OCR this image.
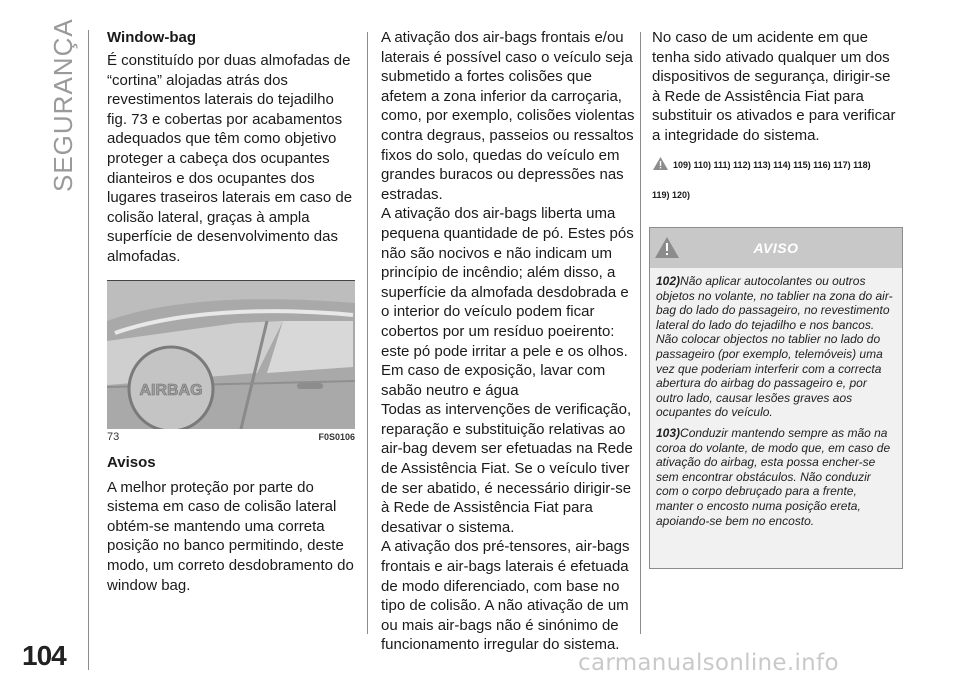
SEGURANÇA
104
Window-bag

É constituído por duas almofadas de “cortina” alojadas atrás dos revestimentos laterais do tejadilho fig. 73 e cobertas por acabamentos adequados que têm como objetivo proteger a cabeça dos ocupantes dianteiros e dos ocupantes dos lugares traseiros laterais em caso de colisão lateral, graças à ampla superfície de desenvolvimento das almofadas.

AIRBAG
73	F0S0106
Avisos

A melhor proteção por parte do sistema em caso de colisão lateral obtém-se mantendo uma correta posição no banco permitindo, deste modo, um correto desdobramento do window bag.

A ativação dos air-bags frontais e/ou laterais é possível caso o veículo seja submetido a fortes colisões que afetem a zona inferior da carroçaria, como, por exemplo, colisões violentas contra degraus, passeios ou ressaltos fixos do solo, quedas do veículo em grandes buracos ou depressões nas estradas.

A ativação dos air-bags liberta uma pequena quantidade de pó. Estes pós não são nocivos e não indicam um princípio de incêndio; além disso, a superfície da almofada desdobrada e o interior do veículo podem ficar cobertos por um resíduo poeirento: este pó pode irritar a pele e os olhos. Em caso de exposição, lavar com sabão neutro e água

Todas as intervenções de verificação, reparação e substituição relativas ao air-bag devem ser efetuadas na Rede de Assistência Fiat. Se o veículo tiver de ser abatido, é necessário dirigir-se à Rede de Assistência Fiat para desativar o sistema.

A ativação dos pré-tensores, air-bags frontais e air-bags laterais é efetuada de modo diferenciado, com base no tipo de colisão. A não ativação de um ou mais air-bags não é sinónimo de funcionamento irregular do sistema.

No caso de um acidente em que tenha sido ativado qualquer um dos dispositivos de segurança, dirigir-se à Rede de Assistência Fiat para substituir os ativados e para verificar a integridade do sistema.

109) 110) 111) 112) 113) 114) 115) 116) 117) 118)
119) 120)
AVISO
102)Não aplicar autocolantes ou outros objetos no volante, no tablier na zona do air-bag do lado do passageiro, no revestimento lateral do lado do tejadilho e nos bancos. Não colocar objectos no tablier no lado do passageiro (por exemplo, telemóveis) uma vez que poderiam interferir com a correcta abertura do airbag do passageiro e, por outro lado, causar lesões graves aos ocupantes do veículo.
103)Conduzir mantendo sempre as mão na coroa do volante, de modo que, em caso de ativação do airbag, esta possa encher-se sem encontrar obstáculos. Não conduzir com o corpo debruçado para a frente, manter o encosto numa posição ereta, apoiando-se bem no encosto.
carmanualsonline.info
